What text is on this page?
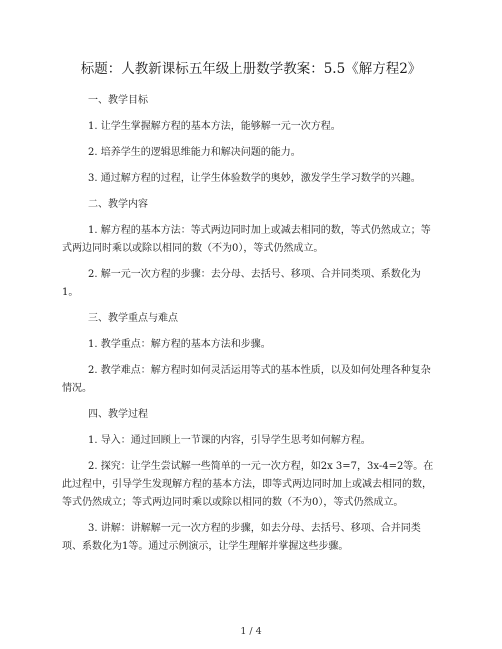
标题：人教新课标五年级上册数学教案：5.5《解方程2》

一、教学目标

1. 让学生掌握解方程的基本方法，能够解一元一次方程。

2. 培养学生的逻辑思维能力和解决问题的能力。

3. 通过解方程的过程，让学生体验数学的奥妙，激发学生学习数学的兴趣。

二、教学内容

1. 解方程的基本方法：等式两边同时加上或减去相同的数，等式仍然成立；等式两边同时乘以或除以相同的数（不为0），等式仍然成立。

2. 解一元一次方程的步骤：去分母、去括号、移项、合并同类项、系数化为1。

三、教学重点与难点

1. 教学重点：解方程的基本方法和步骤。

2. 教学难点：解方程时如何灵活运用等式的基本性质，以及如何处理各种复杂情况。

四、教学过程

1. 导入：通过回顾上一节课的内容，引导学生思考如何解方程。

2. 探究：让学生尝试解一些简单的一元一次方程，如2x 3=7，3x-4=2等。在此过程中，引导学生发现解方程的基本方法，即等式两边同时加上或减去相同的数，等式仍然成立；等式两边同时乘以或除以相同的数（不为0），等式仍然成立。

3. 讲解：讲解解一元一次方程的步骤，如去分母、去括号、移项、合并同类项、系数化为1等。通过示例演示，让学生理解并掌握这些步骤。

1 / 4
